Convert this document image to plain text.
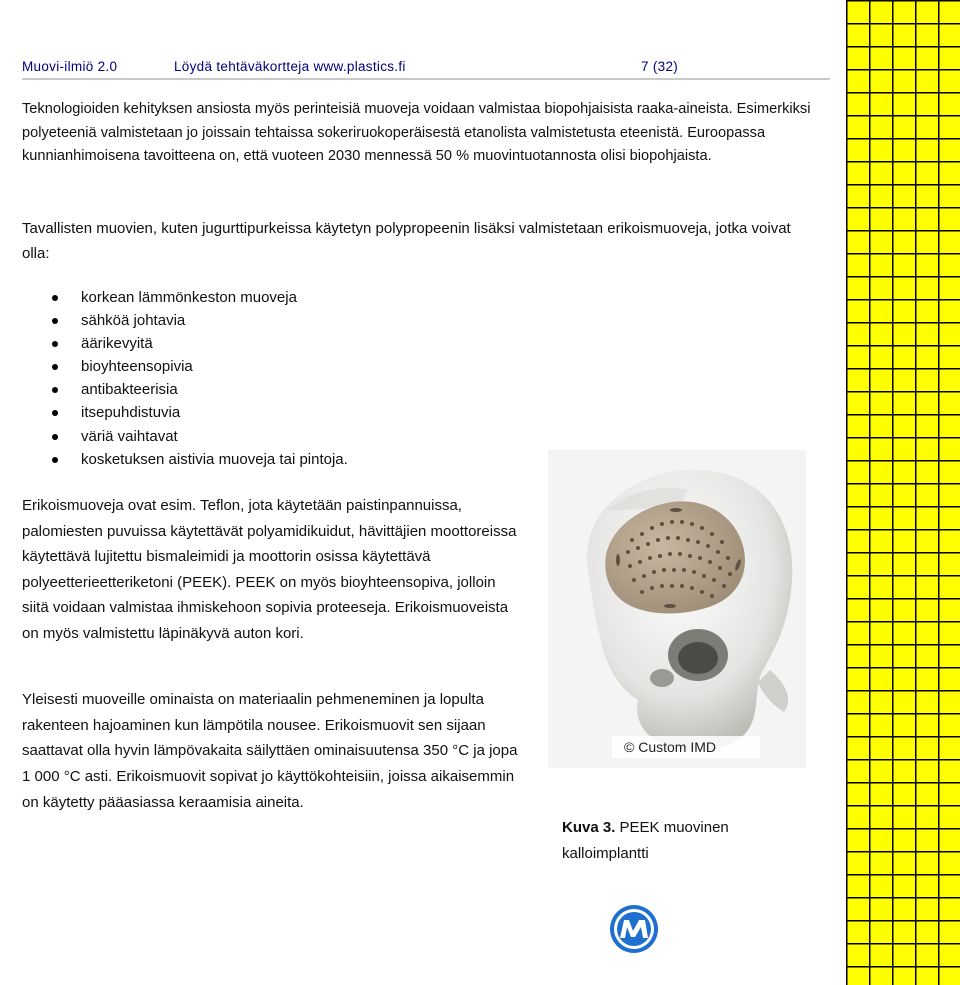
Muovi-ilmiö 2.0	Löydä tehtäväkortteja www.plastics.fi	7 (32)
Teknologioiden kehityksen ansiosta myös perinteisiä muoveja voidaan valmistaa biopohjaisista raaka-aineista. Esimerkiksi polyeteeniä valmistetaan jo joissain tehtaissa sokeriruokoperäisestä etanolista valmistetusta eteenistä. Euroopassa kunnianhimoisena tavoitteena on, että vuoteen 2030 mennessä 50 % muovintuotannosta olisi biopohjaista.
Tavallisten muovien, kuten jugurttipurkeissa käytetyn polypropeenin lisäksi valmistetaan erikoismuoveja, jotka voivat olla:
korkean lämmönkeston muoveja
sähköä johtavia
äärikevyitä
bioyhteensopivia
antibakteerisia
itsepuhdistuvia
väriä vaihtavat
kosketuksen aistivia muoveja tai pintoja.
Erikoismuoveja ovat esim. Teflon, jota käytetään paistinpannuissa, palomiesten puvuissa käytettävät polyamidikuidut, hävittäjien moottoreissa käytettävä lujitettu bismaleimidi ja moottorin osissa käytettävä polyeetterieetteriketoni (PEEK). PEEK on myös bioyhteensopiva, jolloin siitä voidaan valmistaa ihmiskehoon sopivia proteeseja. Erikoismuoveista on myös valmistettu läpinäkyvä auton kori.
Yleisesti muoveille ominaista on materiaalin pehmeneminen ja lopulta rakenteen hajoaminen kun lämpötila nousee. Erikoismuovit sen sijaan saattavat olla hyvin lämpövakaita säilyttäen ominaisuutensa 350 °C ja jopa 1 000 °C asti. Erikoismuovit sopivat jo käyttökohteisiin, joissa aikaisemmin on käytetty pääasiassa keraamisia aineita.
© Custom IMD
Kuva 3. PEEK muovinen kalloimplantti
